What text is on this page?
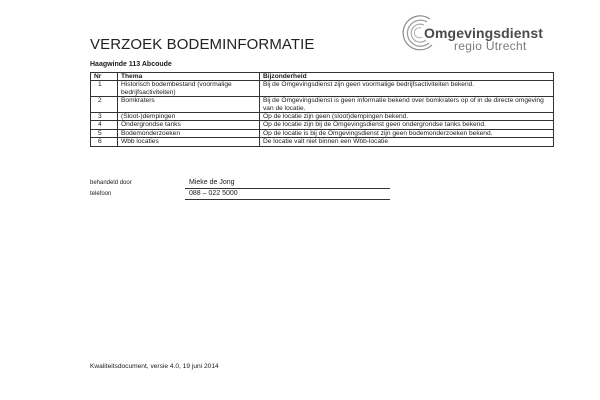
VERZOEK BODEMINFORMATIE
Omgevingsdienst
regio Utrecht
Haagwinde 113 Abcoude
Nr	Thema	Bijzonderheid
1	Historisch bodembestand (voormalige bedrijfsactiviteiten)	Bij de Omgevingsdienst zijn geen voormalige bedrijfsactiviteiten bekend.
2	Bomkraters	Bij de Omgevingsdienst is geen informatie bekend over bomkraters op of in de directe omgeving van de locatie.
3	(Sloot-)dempingen	Op de locatie zijn geen (sloot)dempingen bekend.
4	Ondergrondse tanks	Op de locatie zijn bij de Omgevingsdienst geen ondergrondse tanks bekend.
5	Bodemonderzoeken	Op de locatie is bij de Omgevingsdienst zijn geen bodemonderzoeken bekend.
6	Wbb locaties	De locatie valt niet binnen een Wbb-locatie
behandeld door	Mieke de Jong
telefoon	088 – 022 5000
Kwaliteitsdocument, versie 4.0, 19 juni 2014
